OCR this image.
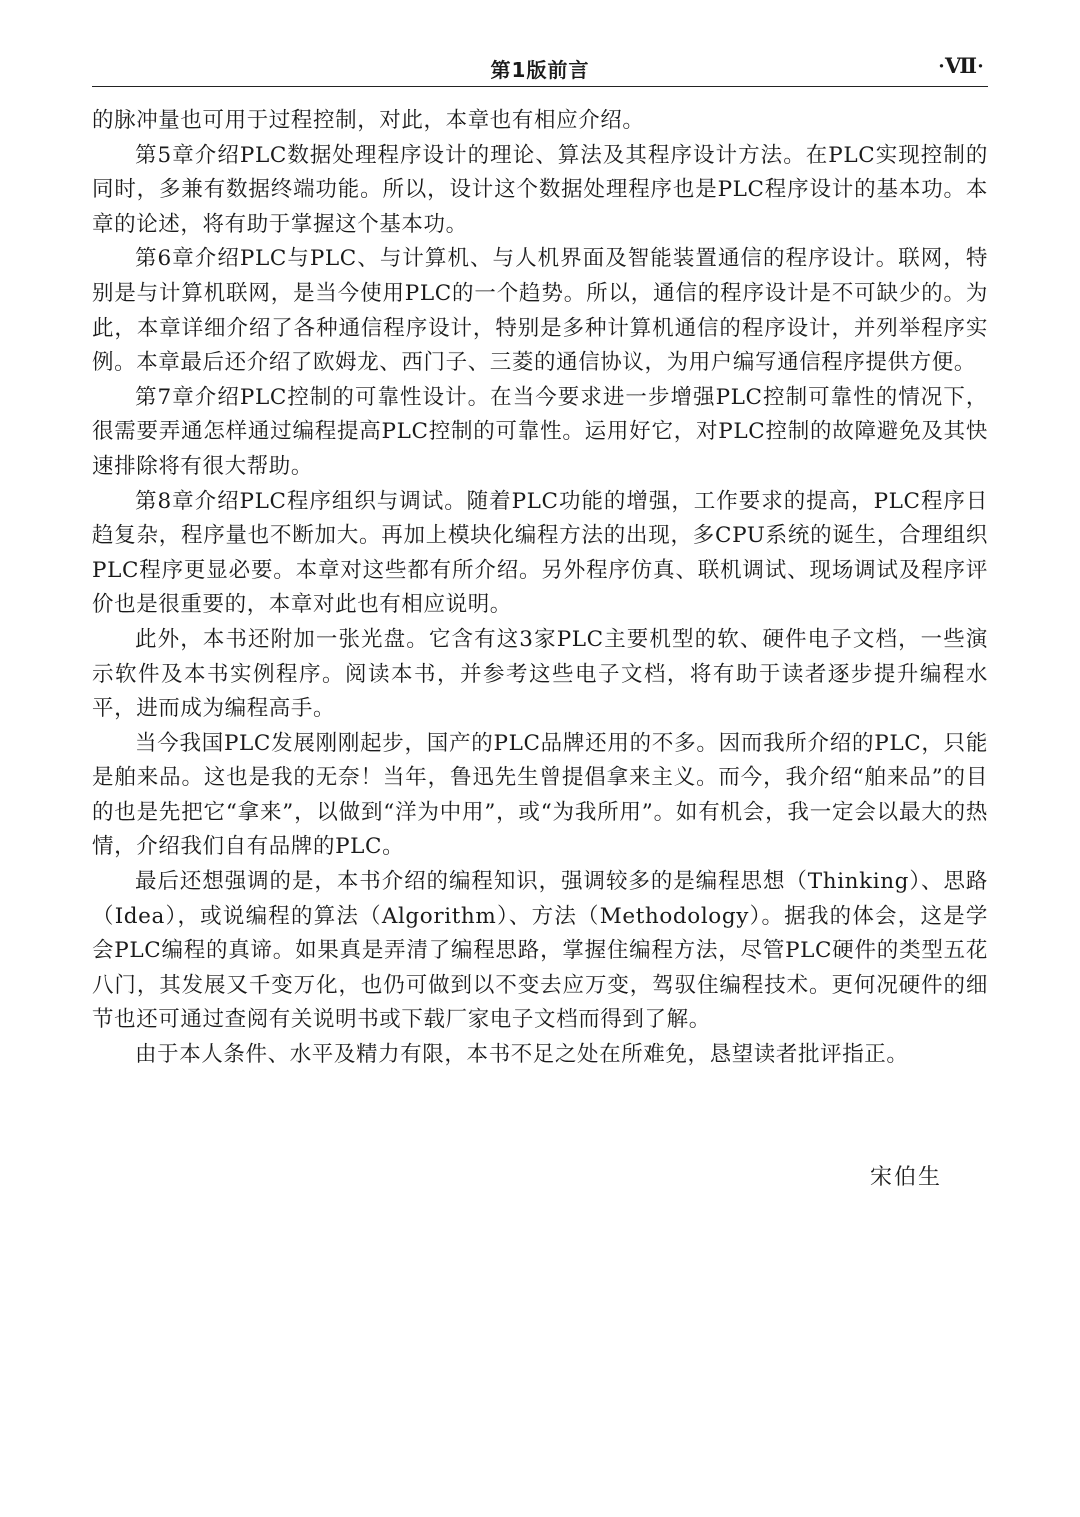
第1版前言	·Ⅶ·

的脉冲量也可用于过程控制，对此，本章也有相应介绍。

第5章介绍PLC数据处理程序设计的理论、算法及其程序设计方法。在PLC实现控制的同时，多兼有数据终端功能。所以，设计这个数据处理程序也是PLC程序设计的基本功。本章的论述，将有助于掌握这个基本功。

第6章介绍PLC与PLC、与计算机、与人机界面及智能装置通信的程序设计。联网，特别是与计算机联网，是当今使用PLC的一个趋势。所以，通信的程序设计是不可缺少的。为此，本章详细介绍了各种通信程序设计，特别是多种计算机通信的程序设计，并列举程序实例。本章最后还介绍了欧姆龙、西门子、三菱的通信协议，为用户编写通信程序提供方便。

第7章介绍PLC控制的可靠性设计。在当今要求进一步增强PLC控制可靠性的情况下，很需要弄通怎样通过编程提高PLC控制的可靠性。运用好它，对PLC控制的故障避免及其快速排除将有很大帮助。

第8章介绍PLC程序组织与调试。随着PLC功能的增强，工作要求的提高，PLC程序日趋复杂，程序量也不断加大。再加上模块化编程方法的出现，多CPU系统的诞生，合理组织PLC程序更显必要。本章对这些都有所介绍。另外程序仿真、联机调试、现场调试及程序评价也是很重要的，本章对此也有相应说明。

此外，本书还附加一张光盘。它含有这3家PLC主要机型的软、硬件电子文档，一些演示软件及本书实例程序。阅读本书，并参考这些电子文档，将有助于读者逐步提升编程水平，进而成为编程高手。

当今我国PLC发展刚刚起步，国产的PLC品牌还用的不多。因而我所介绍的PLC，只能是舶来品。这也是我的无奈！当年，鲁迅先生曾提倡拿来主义。而今，我介绍“舶来品”的目的也是先把它“拿来”，以做到“洋为中用”，或“为我所用”。如有机会，我一定会以最大的热情，介绍我们自有品牌的PLC。

最后还想强调的是，本书介绍的编程知识，强调较多的是编程思想（Thinking）、思路（Idea），或说编程的算法（Algorithm）、方法（Methodology）。据我的体会，这是学会PLC编程的真谛。如果真是弄清了编程思路，掌握住编程方法，尽管PLC硬件的类型五花八门，其发展又千变万化，也仍可做到以不变去应万变，驾驭住编程技术。更何况硬件的细节也还可通过查阅有关说明书或下载厂家电子文档而得到了解。

由于本人条件、水平及精力有限，本书不足之处在所难免，恳望读者批评指正。

宋伯生
